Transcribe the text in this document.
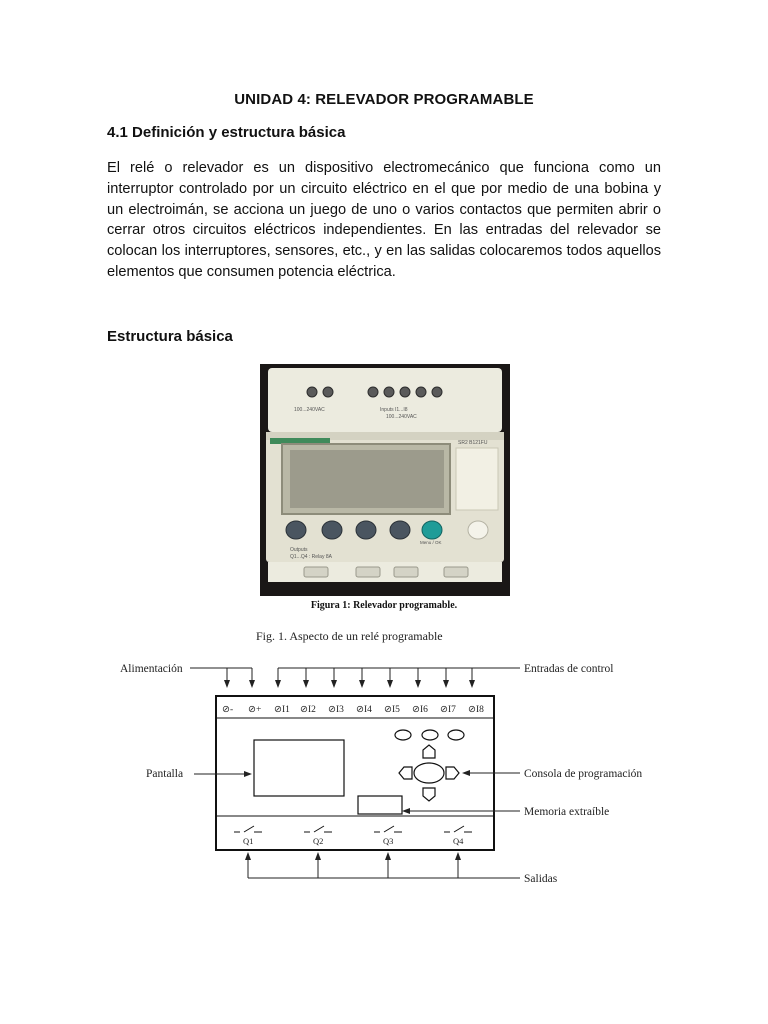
UNIDAD 4: RELEVADOR PROGRAMABLE
4.1 Definición y estructura básica

El relé o relevador es un dispositivo electromecánico que funciona como un interruptor controlado por un circuito eléctrico en el que por medio de una bobina y un electroimán, se acciona un juego de uno o varios contactos que permiten abrir o cerrar otros circuitos eléctricos independientes. En las entradas del relevador se colocan los interruptores, sensores, etc., y en las salidas colocaremos todos aquellos elementos que consumen potencia eléctrica.

Estructura básica
100...240VAC	Inputs I1...I8
100...240VAC
SR2 B121FU
Menu / OK
Outputs
Q1...Q4 : Relay 8A
Figura 1: Relevador programable.
Fig. 1. Aspecto de un relé programable
Alimentación	Entradas de control
⊘- ⊘+ ⊘I1 ⊘I2 ⊘I3 ⊘I4 ⊘I5 ⊘I6 ⊘I7 ⊘I8
Pantalla	Consola de programación
Memoria extraíble
Q1	Q2	Q3	Q4
Salidas
